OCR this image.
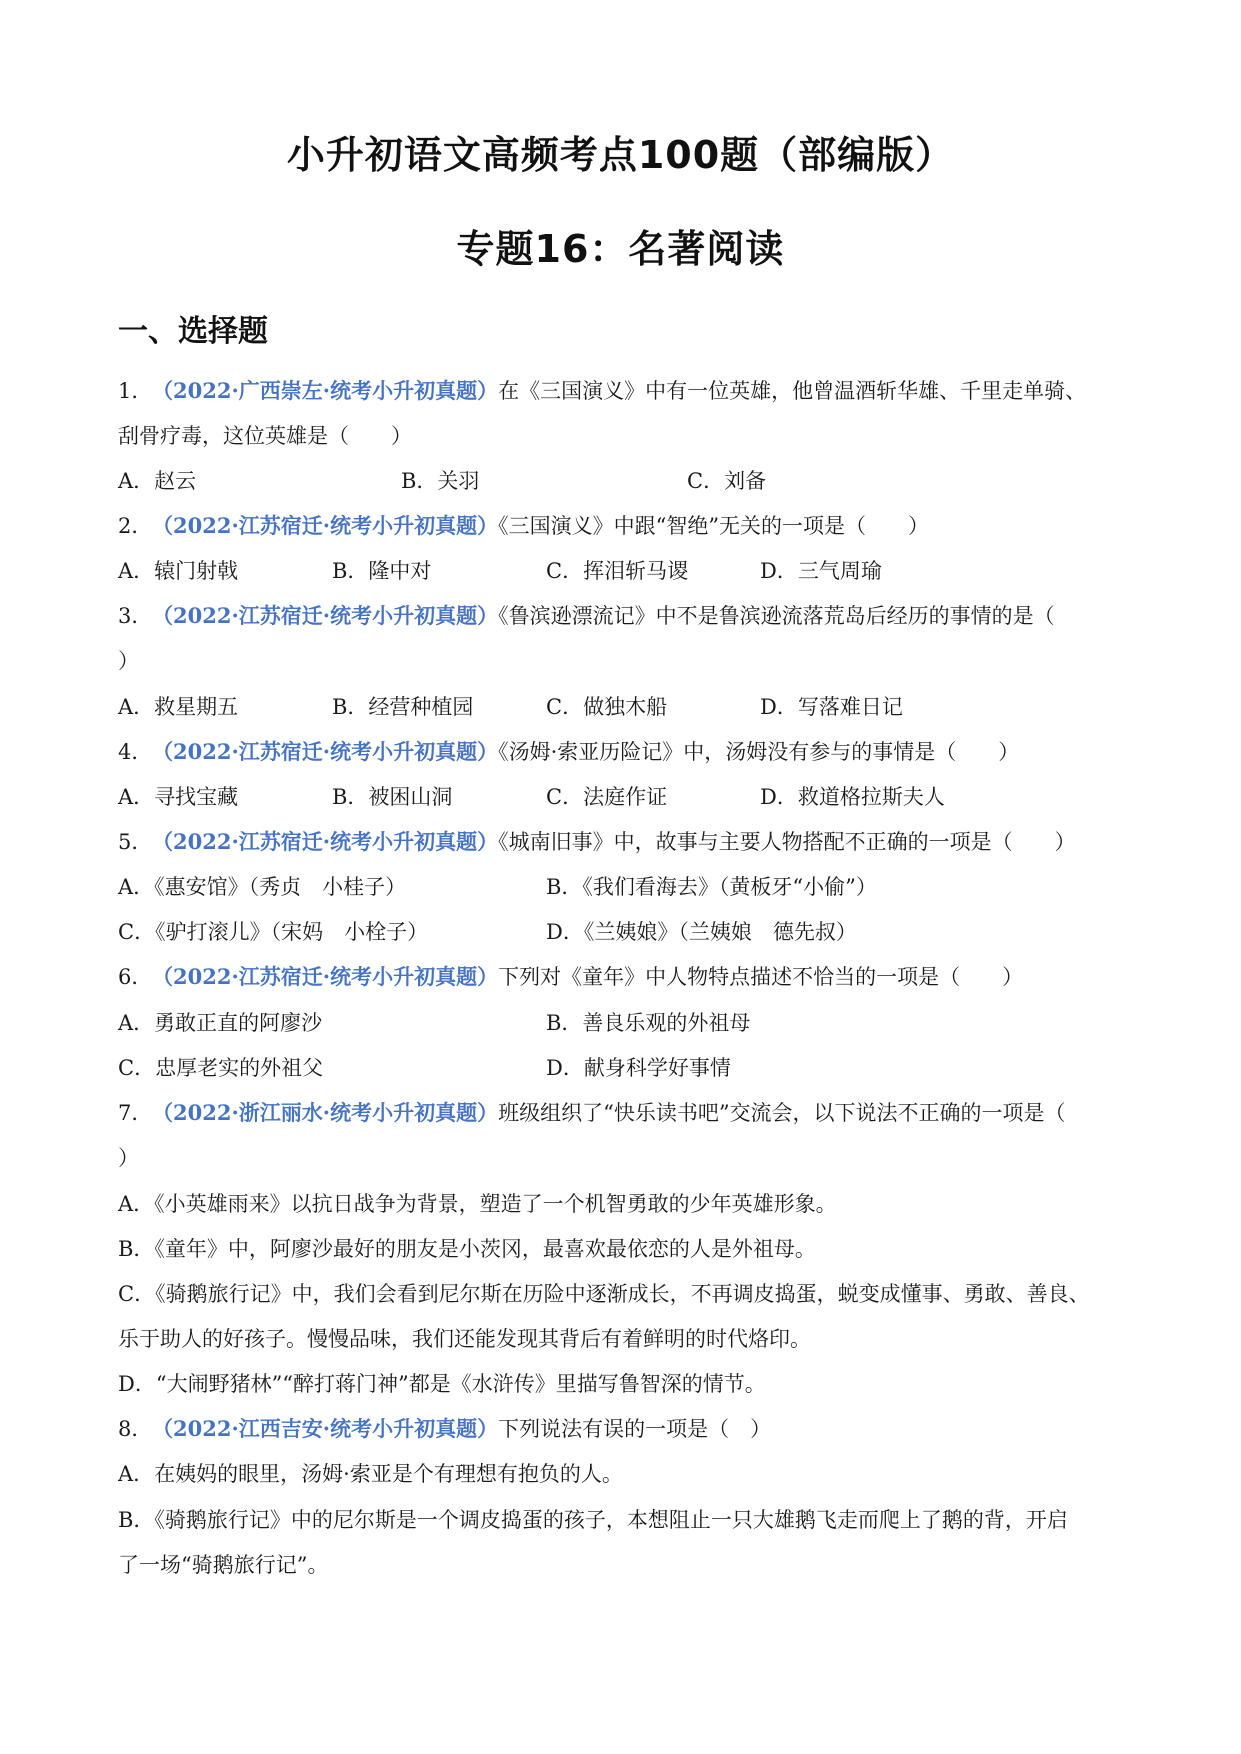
小升初语文高频考点100题（部编版）
专题16：名著阅读
一、选择题
1．（2022·广西崇左·统考小升初真题）在《三国演义》中有一位英雄，他曾温酒斩华雄、千里走单骑、
刮骨疗毒，这位英雄是（　　）
A．赵云	B．关羽	C．刘备
2．（2022·江苏宿迁·统考小升初真题）《三国演义》中跟“智绝”无关的一项是（　　）
A．辕门射戟	B．隆中对	C．挥泪斩马谡	D．三气周瑜
3．（2022·江苏宿迁·统考小升初真题）《鲁滨逊漂流记》中不是鲁滨逊流落荒岛后经历的事情的是（
）
A．救星期五	B．经营种植园	C．做独木船	D．写落难日记
4．（2022·江苏宿迁·统考小升初真题）《汤姆·索亚历险记》中，汤姆没有参与的事情是（　　）
A．寻找宝藏	B．被困山洞	C．法庭作证	D．救道格拉斯夫人
5．（2022·江苏宿迁·统考小升初真题）《城南旧事》中，故事与主要人物搭配不正确的一项是（　　）
A．《惠安馆》（秀贞　小桂子）	B．《我们看海去》（黄板牙“小偷”）
C．《驴打滚儿》（宋妈　小栓子）	D．《兰姨娘》（兰姨娘　德先叔）
6．（2022·江苏宿迁·统考小升初真题）下列对《童年》中人物特点描述不恰当的一项是（　　）
A．勇敢正直的阿廖沙	B．善良乐观的外祖母
C．忠厚老实的外祖父	D．献身科学好事情
7．（2022·浙江丽水·统考小升初真题）班级组织了“快乐读书吧”交流会，以下说法不正确的一项是（
）
A．《小英雄雨来》以抗日战争为背景，塑造了一个机智勇敢的少年英雄形象。
B．《童年》中，阿廖沙最好的朋友是小茨冈，最喜欢最依恋的人是外祖母。
C．《骑鹅旅行记》中，我们会看到尼尔斯在历险中逐渐成长，不再调皮捣蛋，蜕变成懂事、勇敢、善良、
乐于助人的好孩子。慢慢品味，我们还能发现其背后有着鲜明的时代烙印。
D．“大闹野猪林”“醉打蒋门神”都是《水浒传》里描写鲁智深的情节。
8．（2022·江西吉安·统考小升初真题）下列说法有误的一项是（　）
A．在姨妈的眼里，汤姆·索亚是个有理想有抱负的人。
B．《骑鹅旅行记》中的尼尔斯是一个调皮捣蛋的孩子，本想阻止一只大雄鹅飞走而爬上了鹅的背，开启
了一场“骑鹅旅行记”。
